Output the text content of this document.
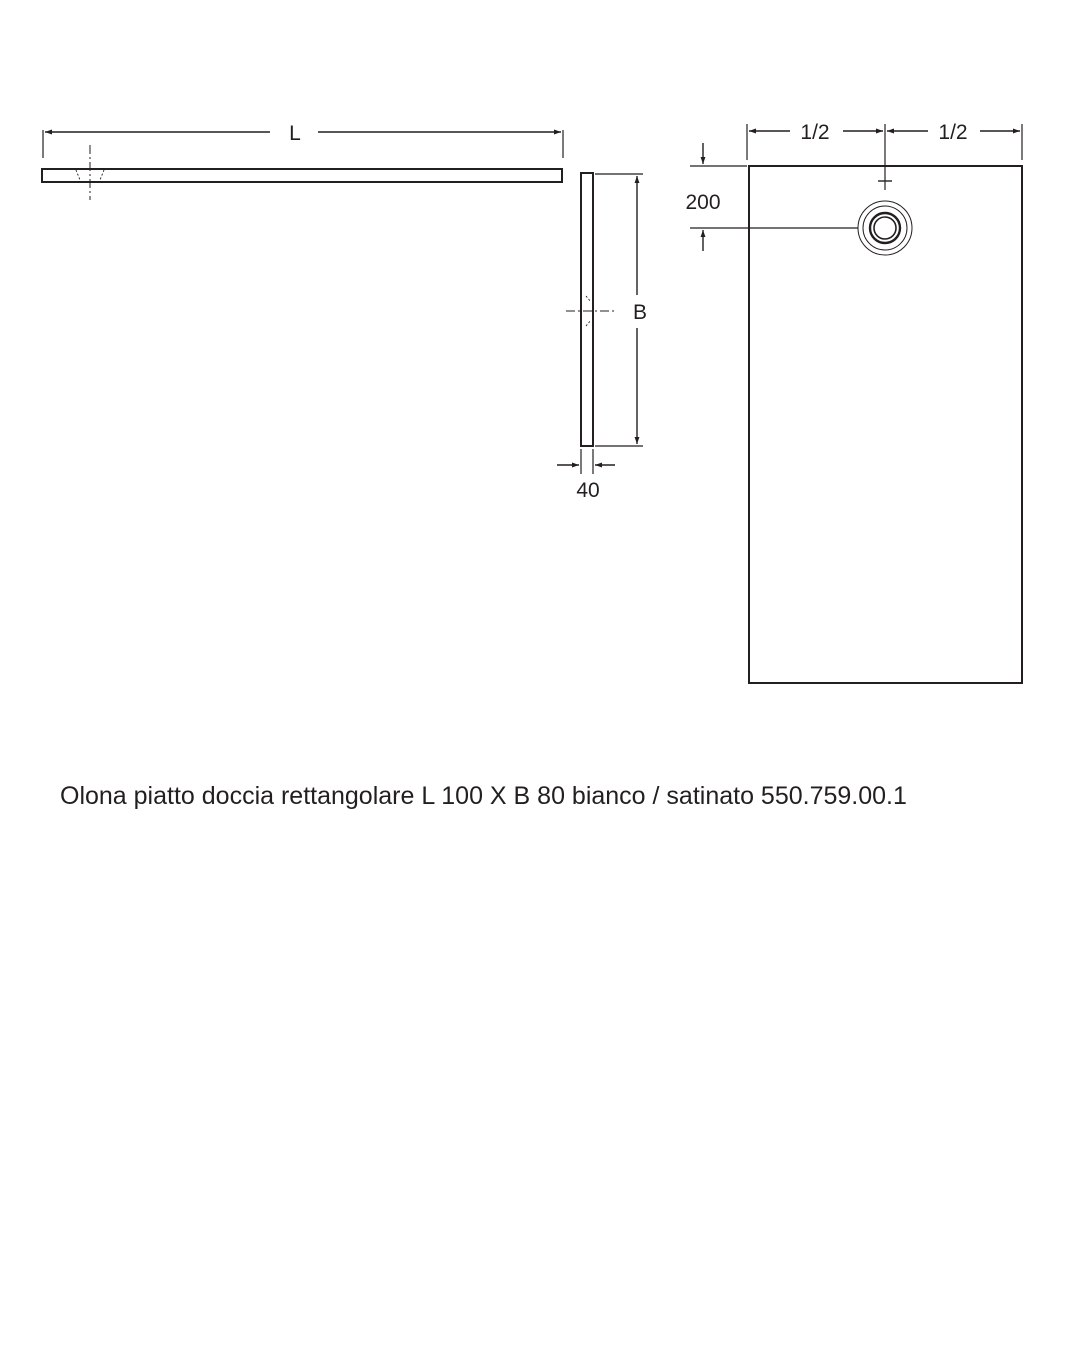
L
B
40
1/2	1/2
200
Olona piatto doccia rettangolare L 100 X B 80 bianco / satinato 550.759.00.1
